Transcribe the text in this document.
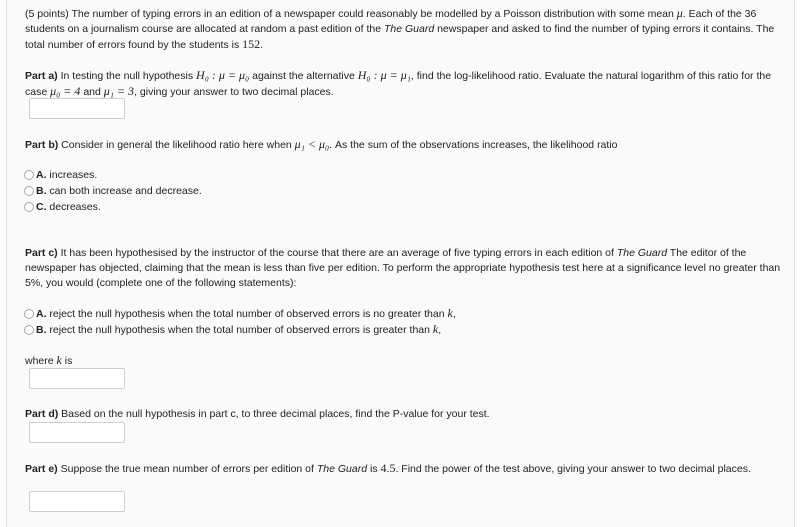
(5 points) The number of typing errors in an edition of a newspaper could reasonably be modelled by a Poisson distribution with some mean μ. Each of the 36 students on a journalism course are allocated at random a past edition of the The Guard newspaper and asked to find the number of typing errors it contains. The total number of errors found by the students is 152.
Part a) In testing the null hypothesis H₀ : μ = μ₀ against the alternative H₀ : μ = μ₁, find the log-likelihood ratio. Evaluate the natural logarithm of this ratio for the case μ₀ = 4 and μ₁ = 3, giving your answer to two decimal places.
Part b) Consider in general the likelihood ratio here when μ₁ < μ₀. As the sum of the observations increases, the likelihood ratio
A. increases.
B. can both increase and decrease.
C. decreases.
Part c) It has been hypothesised by the instructor of the course that there are an average of five typing errors in each edition of The Guard The editor of the newspaper has objected, claiming that the mean is less than five per edition. To perform the appropriate hypothesis test here at a significance level no greater than 5%, you would (complete one of the following statements):
A. reject the null hypothesis when the total number of observed errors is no greater than k,
B. reject the null hypothesis when the total number of observed errors is greater than k,
where k is
Part d) Based on the null hypothesis in part c, to three decimal places, find the P-value for your test.
Part e) Suppose the true mean number of errors per edition of The Guard is 4.5. Find the power of the test above, giving your answer to two decimal places.
